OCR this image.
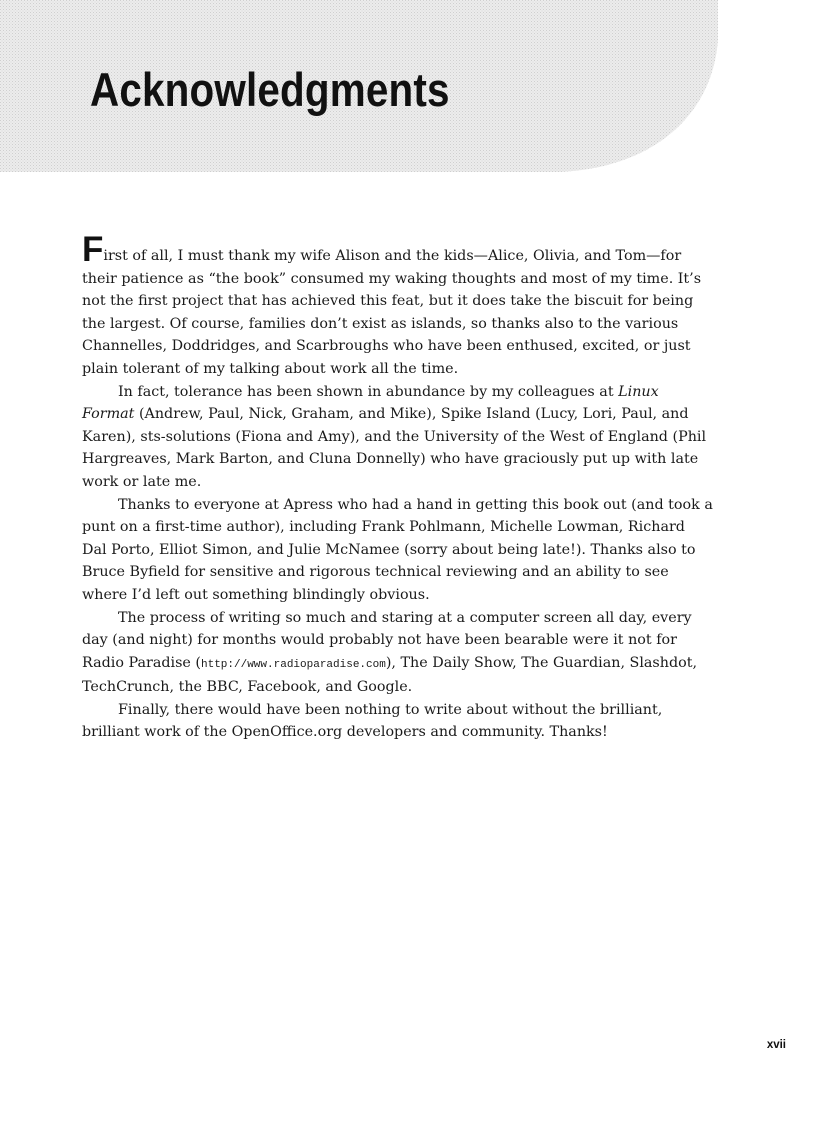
Acknowledgments

First of all, I must thank my wife Alison and the kids—Alice, Olivia, and Tom—for their patience as “the book” consumed my waking thoughts and most of my time. It’s not the first project that has achieved this feat, but it does take the biscuit for being the largest. Of course, families don’t exist as islands, so thanks also to the various Channelles, Doddridges, and Scarbroughs who have been enthused, excited, or just plain tolerant of my talking about work all the time.

In fact, tolerance has been shown in abundance by my colleagues at Linux Format (Andrew, Paul, Nick, Graham, and Mike), Spike Island (Lucy, Lori, Paul, and Karen), sts-solutions (Fiona and Amy), and the University of the West of England (Phil Hargreaves, Mark Barton, and Cluna Donnelly) who have graciously put up with late work or late me.

Thanks to everyone at Apress who had a hand in getting this book out (and took a punt on a first-time author), including Frank Pohlmann, Michelle Lowman, Richard Dal Porto, Elliot Simon, and Julie McNamee (sorry about being late!). Thanks also to Bruce Byfield for sensitive and rigorous technical reviewing and an ability to see where I’d left out something blindingly obvious.

The process of writing so much and staring at a computer screen all day, every day (and night) for months would probably not have been bearable were it not for Radio Paradise (http://www.radioparadise.com), The Daily Show, The Guardian, Slashdot, TechCrunch, the BBC, Facebook, and Google.

Finally, there would have been nothing to write about without the brilliant, brilliant work of the OpenOffice.org developers and community. Thanks!

xvii
